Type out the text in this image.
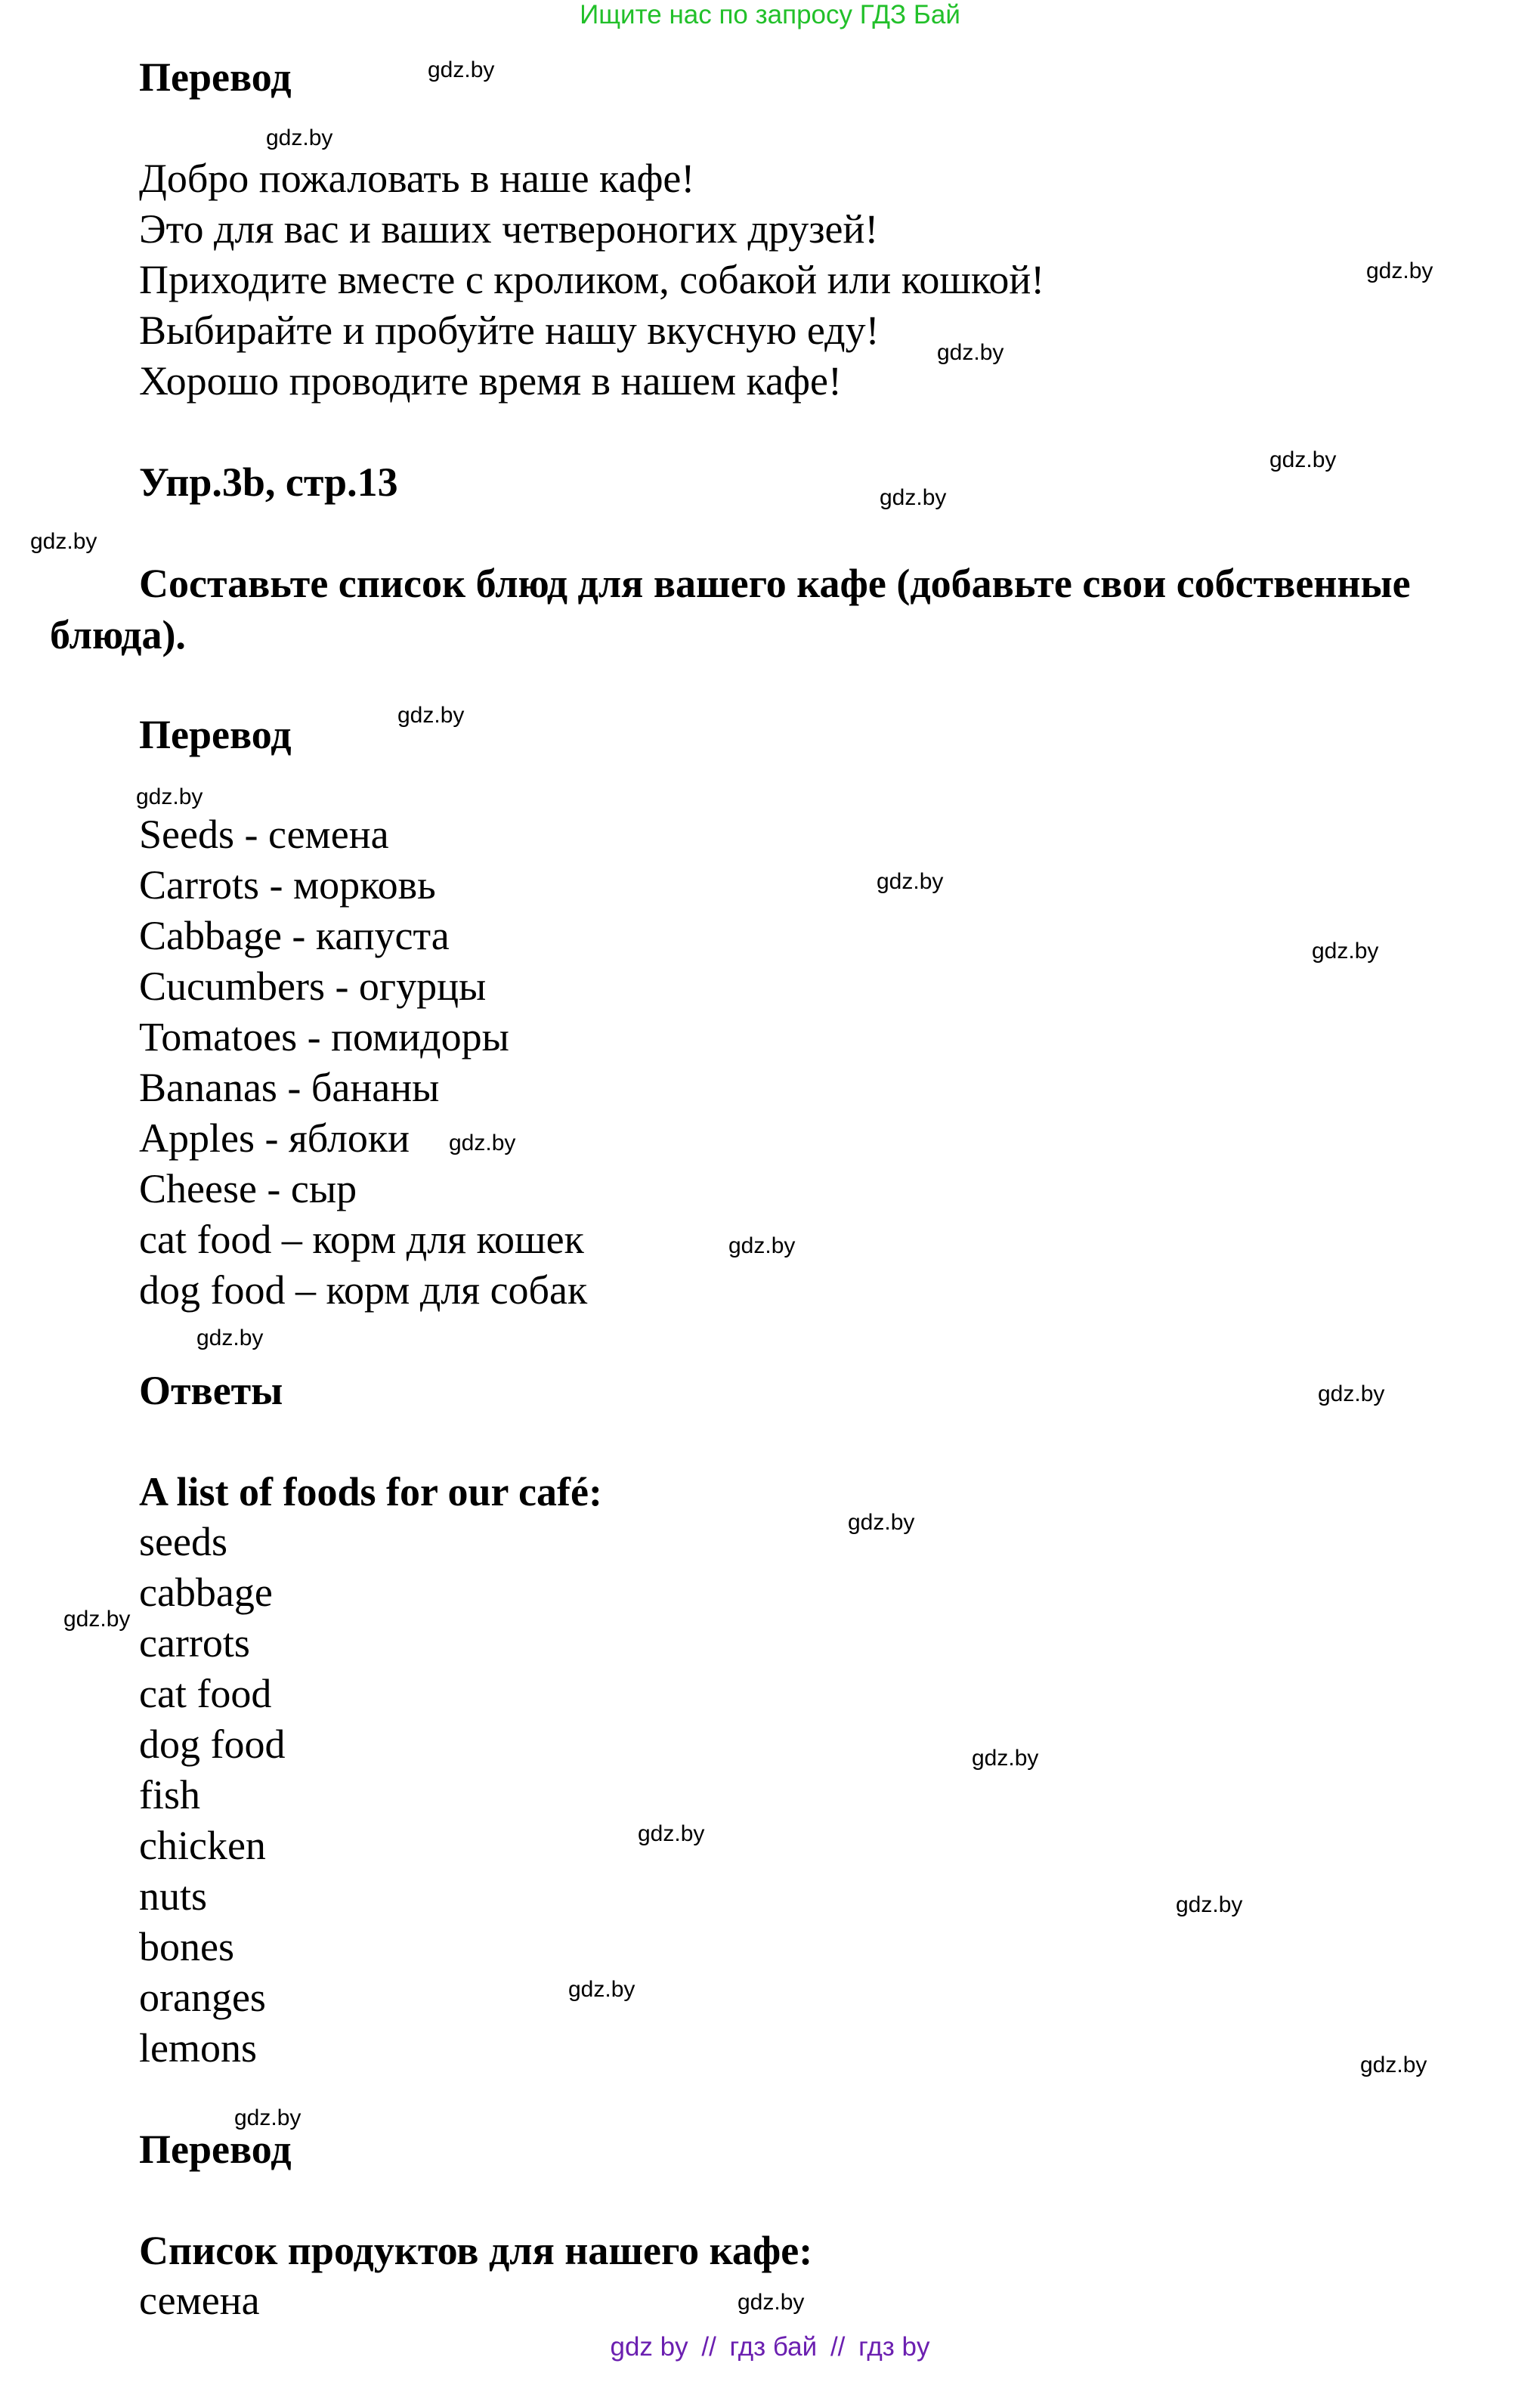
Ищите нас по запросу ГДЗ Бай
Перевод
Добро пожаловать в наше кафе!
Это для вас и ваших четвероногих друзей!
Приходите вместе с кроликом, собакой или кошкой!
Выбирайте и пробуйте нашу вкусную еду!
Хорошо проводите время в нашем кафе!
Упр.3b, стр.13
Составьте список блюд для вашего кафе (добавьте свои собственные
блюда).
Перевод
Seeds - семена
Carrots - морковь
Cabbage - капуста
Cucumbers - огурцы
Tomatoes - помидоры
Bananas - бананы
Apples - яблоки
Cheese - сыр
cat food – корм для кошек
dog food – корм для собак
Ответы
A list of foods for our café:
seeds
cabbage
carrots
cat food
dog food
fish
chicken
nuts
bones
oranges
lemons
Перевод
Список продуктов для нашего кафе:
семена
gdz.by
gdz.by
gdz.by
gdz.by
gdz.by
gdz.by
gdz.by
gdz.by
gdz.by
gdz.by
gdz.by
gdz.by
gdz.by
gdz.by
gdz.by
gdz.by
gdz.by
gdz.by
gdz.by
gdz.by
gdz.by
gdz.by
gdz.by
gdz.by
gdz by // гдз бай // гдз by
